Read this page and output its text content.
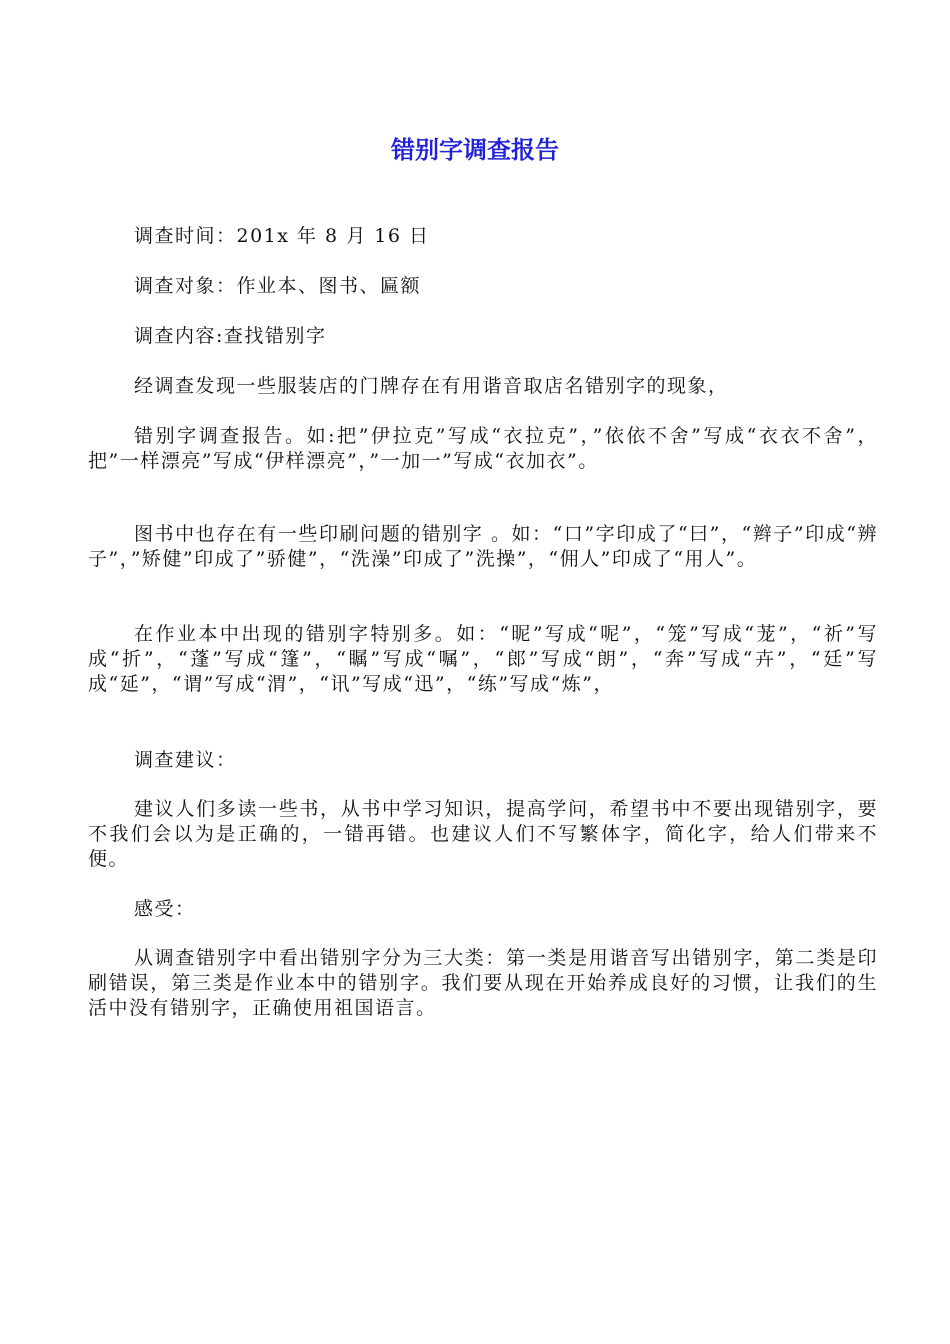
错别字调查报告

调查时间：201x 年 8 月 16 日

调查对象：作业本、图书、匾额

调查内容:查找错别字

经调查发现一些服装店的门牌存在有用谐音取店名错别字的现象，

错别字调查报告。如:把”伊拉克”写成“衣拉克”，”依依不舍”写成“衣衣不舍”，把”一样漂亮”写成“伊样漂亮”，”一加一”写成“衣加衣”。

图书中也存在有一些印刷问题的错别字 。如：“口”字印成了“曰”，“辫子”印成“辨子”，”矫健”印成了”骄健”，“洗澡”印成了”洗操”，“佣人”印成了“用人”。

在作业本中出现的错别字特别多。如：“昵”写成“呢”，“笼”写成“茏”，“祈”写成“折”，“蓬”写成“篷”，“瞩”写成“嘱”，“郎”写成“朗”，“奔”写成“卉”，“廷”写成“延”，“谓”写成“渭”，“讯”写成“迅”，“练”写成“炼”，

调查建议：

建议人们多读一些书，从书中学习知识，提高学问，希望书中不要出现错别字，要不我们会以为是正确的，一错再错。也建议人们不写繁体字，简化字，给人们带来不便。

感受：

从调查错别字中看出错别字分为三大类：第一类是用谐音写出错别字，第二类是印刷错误，第三类是作业本中的错别字。我们要从现在开始养成良好的习惯，让我们的生活中没有错别字，正确使用祖国语言。
